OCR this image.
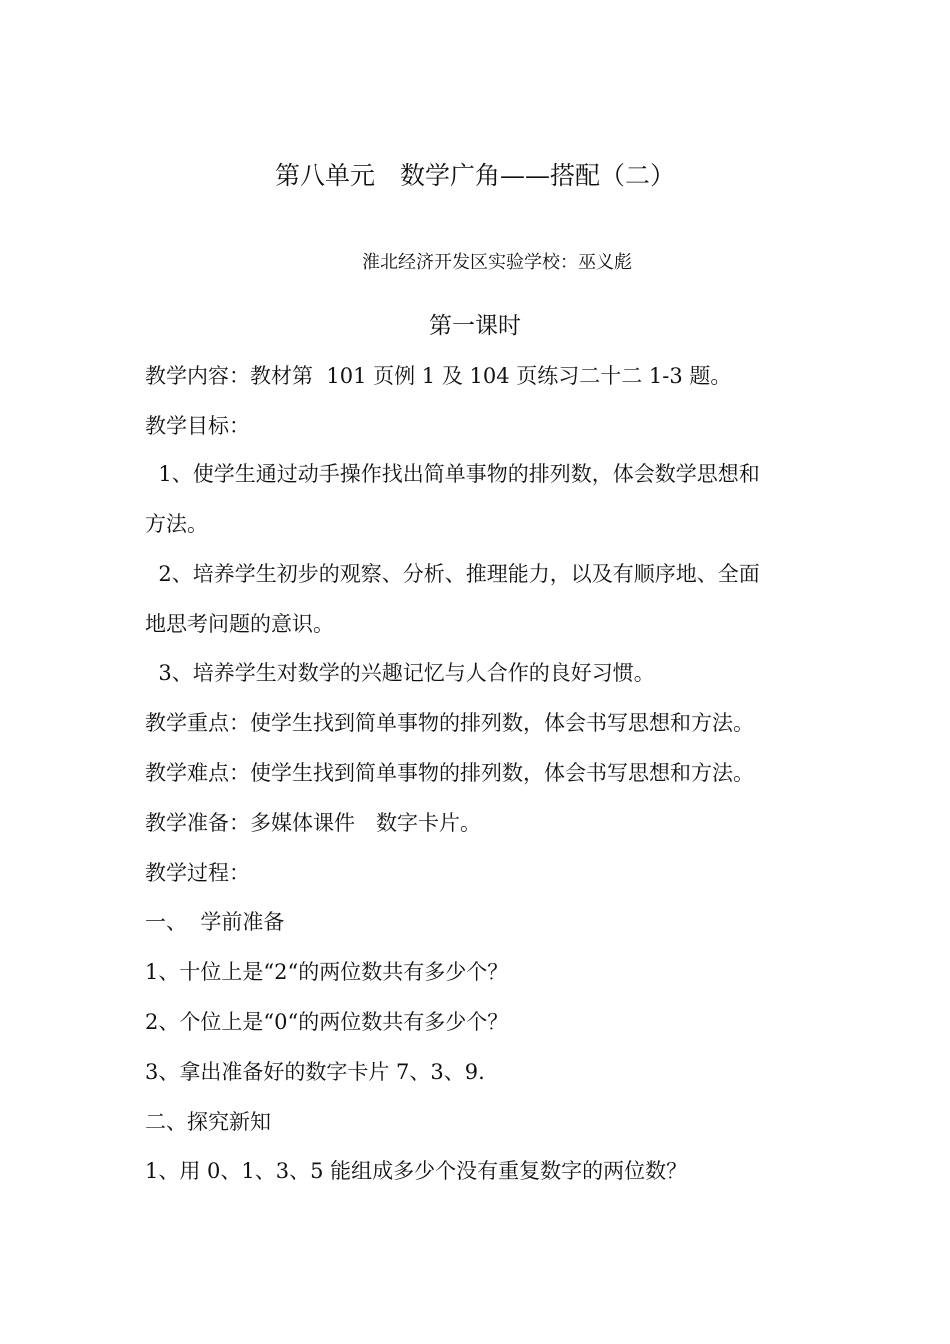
第八单元　数学广角——搭配（二）
淮北经济开发区实验学校：巫义彪
第一课时
教学内容：教材第  101 页例 1 及 104 页练习二十二 1-3 题。
教学目标：
1、使学生通过动手操作找出简单事物的排列数，体会数学思想和
方法。
2、培养学生初步的观察、分析、推理能力，以及有顺序地、全面
地思考问题的意识。
3、培养学生对数学的兴趣记忆与人合作的良好习惯。
教学重点：使学生找到简单事物的排列数，体会书写思想和方法。
教学难点：使学生找到简单事物的排列数，体会书写思想和方法。
教学准备：多媒体课件　数字卡片。
教学过程：
一、  学前准备
1、十位上是“2“的两位数共有多少个？
2、个位上是“0“的两位数共有多少个？
3、拿出准备好的数字卡片 7、3、9.
二、探究新知
1、用 0、1、3、5 能组成多少个没有重复数字的两位数？
